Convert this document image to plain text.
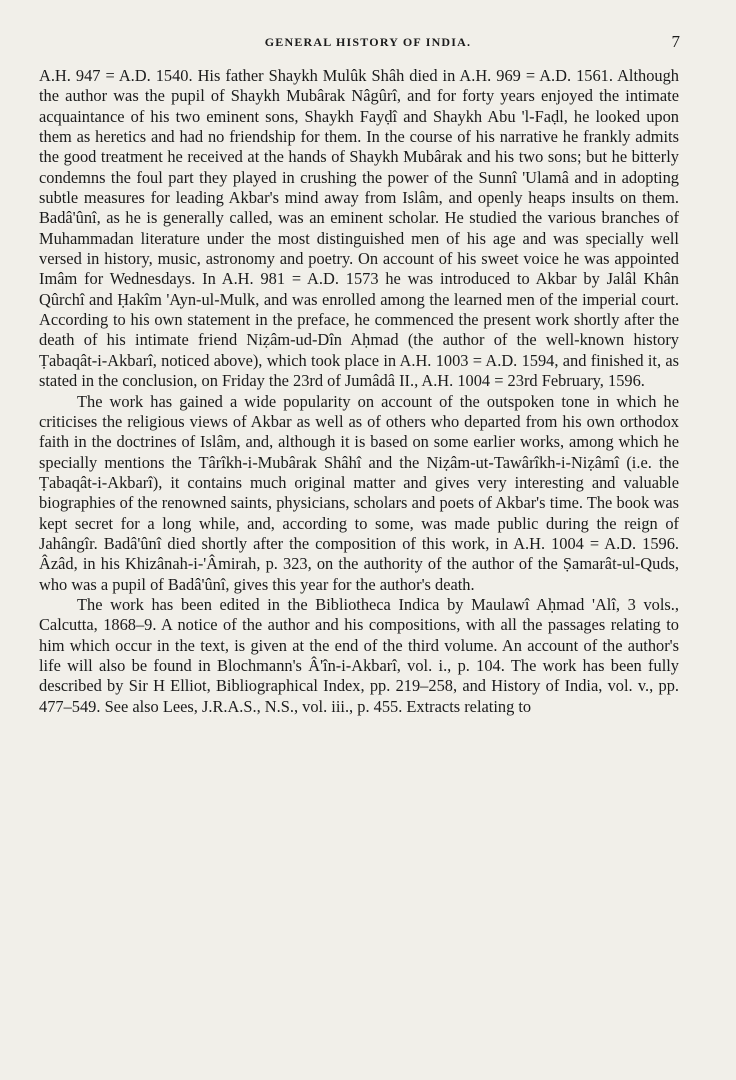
GENERAL HISTORY OF INDIA.	7

A.H. 947 = A.D. 1540. His father Shaykh Mulûk Shâh died in A.H. 969 = A.D. 1561. Although the author was the pupil of Shaykh Mubârak Nâgûrî, and for forty years enjoyed the intimate acquaintance of his two eminent sons, Shaykh Fayḍî and Shaykh Abu 'l-Faḍl, he looked upon them as heretics and had no friendship for them. In the course of his narrative he frankly admits the good treatment he received at the hands of Shaykh Mubârak and his two sons; but he bitterly condemns the foul part they played in crushing the power of the Sunnî 'Ulamâ and in adopting subtle measures for leading Akbar's mind away from Islâm, and openly heaps insults on them. Badâ'ûnî, as he is generally called, was an eminent scholar. He studied the various branches of Muhammadan literature under the most distinguished men of his age and was specially well versed in history, music, astronomy and poetry. On account of his sweet voice he was appointed Imâm for Wednesdays. In A.H. 981 = A.D. 1573 he was introduced to Akbar by Jalâl Khân Qûrchî and Ḥakîm 'Ayn-ul-Mulk, and was enrolled among the learned men of the imperial court. According to his own statement in the preface, he commenced the present work shortly after the death of his intimate friend Niẓâm-ud-Dîn Aḥmad (the author of the well-known history Ṭabaqât-i-Akbarî, noticed above), which took place in A.H. 1003 = A.D. 1594, and finished it, as stated in the conclusion, on Friday the 23rd of Jumâdâ II., A.H. 1004 = 23rd February, 1596.

The work has gained a wide popularity on account of the outspoken tone in which he criticises the religious views of Akbar as well as of others who departed from his own orthodox faith in the doctrines of Islâm, and, although it is based on some earlier works, among which he specially mentions the Târîkh-i-Mubârak Shâhî and the Niẓâm-ut-Tawârîkh-i-Niẓâmî (i.e. the Ṭabaqât-i-Akbarî), it contains much original matter and gives very interesting and valuable biographies of the renowned saints, physicians, scholars and poets of Akbar's time. The book was kept secret for a long while, and, according to some, was made public during the reign of Jahângîr. Badâ'ûnî died shortly after the composition of this work, in A.H. 1004 = A.D. 1596. Âzâd, in his Khizânah-i-'Âmirah, p. 323, on the authority of the author of the Ṣamarât-ul-Quds, who was a pupil of Badâ'ûnî, gives this year for the author's death.

The work has been edited in the Bibliotheca Indica by Maulawî Aḥmad 'Alî, 3 vols., Calcutta, 1868–9. A notice of the author and his compositions, with all the passages relating to him which occur in the text, is given at the end of the third volume. An account of the author's life will also be found in Blochmann's Â'în-i-Akbarî, vol. i., p. 104. The work has been fully described by Sir H Elliot, Bibliographical Index, pp. 219–258, and History of India, vol. v., pp. 477–549. See also Lees, J.R.A.S., N.S., vol. iii., p. 455. Extracts relating to
